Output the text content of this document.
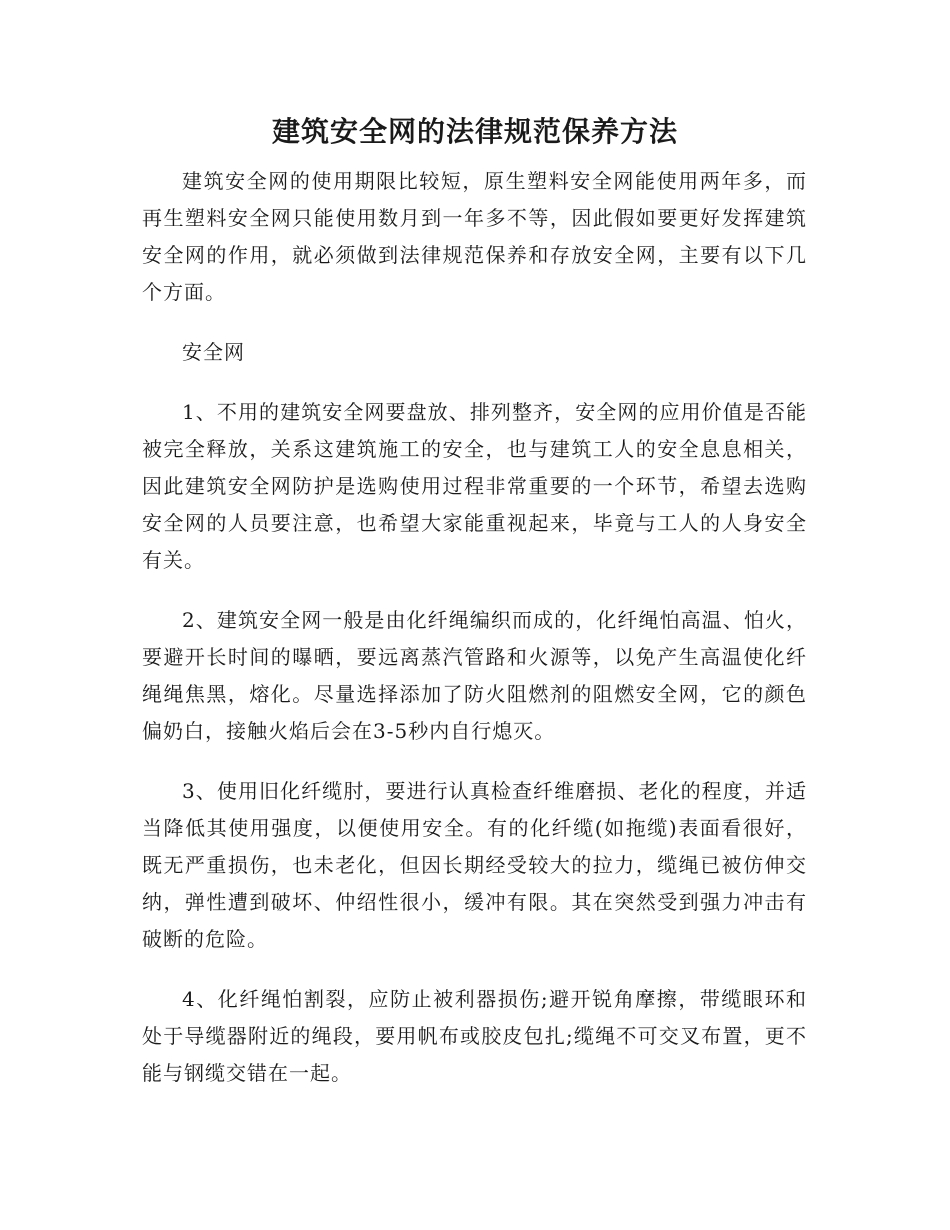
建筑安全网的法律规范保养方法

建筑安全网的使用期限比较短，原生塑料安全网能使用两年多，而再生塑料安全网只能使用数月到一年多不等，因此假如要更好发挥建筑安全网的作用，就必须做到法律规范保养和存放安全网，主要有以下几个方面。

安全网

1、不用的建筑安全网要盘放、排列整齐，安全网的应用价值是否能被完全释放，关系这建筑施工的安全，也与建筑工人的安全息息相关，因此建筑安全网防护是选购使用过程非常重要的一个环节，希望去选购安全网的人员要注意，也希望大家能重视起来，毕竟与工人的人身安全有关。

2、建筑安全网一般是由化纤绳编织而成的，化纤绳怕高温、怕火，要避开长时间的曝晒，要远离蒸汽管路和火源等，以免产生高温使化纤绳绳焦黑，熔化。尽量选择添加了防火阻燃剂的阻燃安全网，它的颜色偏奶白，接触火焰后会在3-5秒内自行熄灭。

3、使用旧化纤缆肘，要进行认真检查纤维磨损、老化的程度，并适当降低其使用强度，以便使用安全。有的化纤缆(如拖缆)表面看很好，既无严重损伤，也未老化，但因长期经受较大的拉力，缆绳已被仿伸交纳，弹性遭到破坏、仲绍性很小，缓冲有限。其在突然受到强力冲击有破断的危险。

4、化纤绳怕割裂，应防止被利器损伤;避开锐角摩擦，带缆眼环和处于导缆器附近的绳段，要用帆布或胶皮包扎;缆绳不可交叉布置，更不能与钢缆交错在一起。
